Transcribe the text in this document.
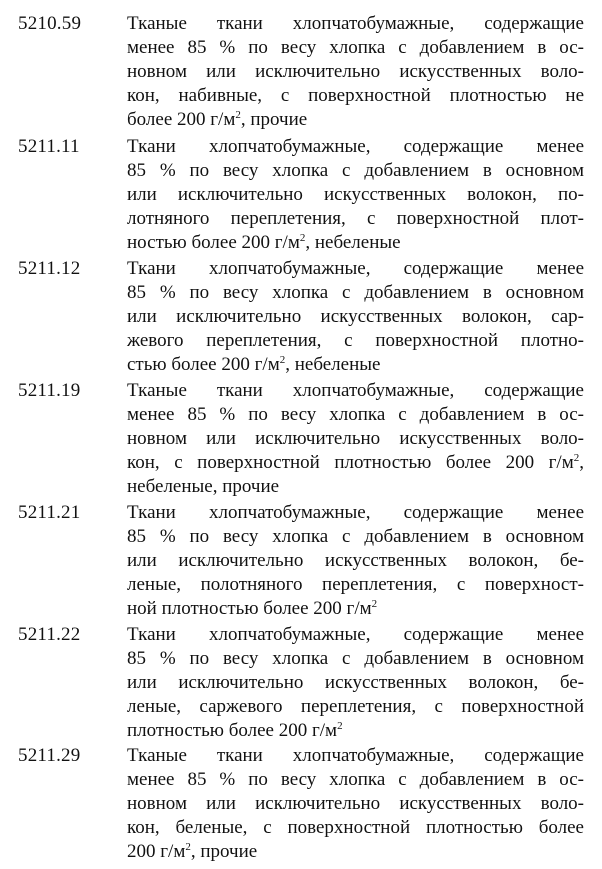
5210.59 Тканые ткани хлопчатобумажные, содержащие
менее 85 % по весу хлопка с добавлением в ос-
новном или исключительно искусственных воло-
кон, набивные, с поверхностной плотностью не
более 200 $г/м^2$, прочие
5211.11 Ткани хлопчатобумажные, содержащие менее
85 % по весу хлопка с добавлением в основном
или исключительно искусственных волокон, по-
лотняного переплетения, с поверхностной плот-
ностью более 200 $г/м^2$, небеленые
5211.12 Ткани хлопчатобумажные, содержащие менее
85 % по весу хлопка с добавлением в основном
или исключительно искусственных волокон, сар-
жевого переплетения, с поверхностной плотно-
стью более 200 $г/м^2$, небеленые
5211.19 Тканые ткани хлопчатобумажные, содержащие
менее 85 % по весу хлопка с добавлением в ос-
новном или исключительно искусственных воло-
кон, с поверхностной плотностью более 200 $г/м^2$,
небеленые, прочие
5211.21 Ткани хлопчатобумажные, содержащие менее
85 % по весу хлопка с добавлением в основном
или исключительно искусственных волокон, бе-
леные, полотняного переплетения, с поверхност-
ной плотностью более 200 $г/м^2$
5211.22 Ткани хлопчатобумажные, содержащие менее
85 % по весу хлопка с добавлением в основном
или исключительно искусственных волокон, бе-
леные, саржевого переплетения, с поверхностной
плотностью более 200 $г/м^2$
5211.29 Тканые ткани хлопчатобумажные, содержащие
менее 85 % по весу хлопка с добавлением в ос-
новном или исключительно искусственных воло-
кон, беленые, с поверхностной плотностью более
200 $г/м^2$, прочие
